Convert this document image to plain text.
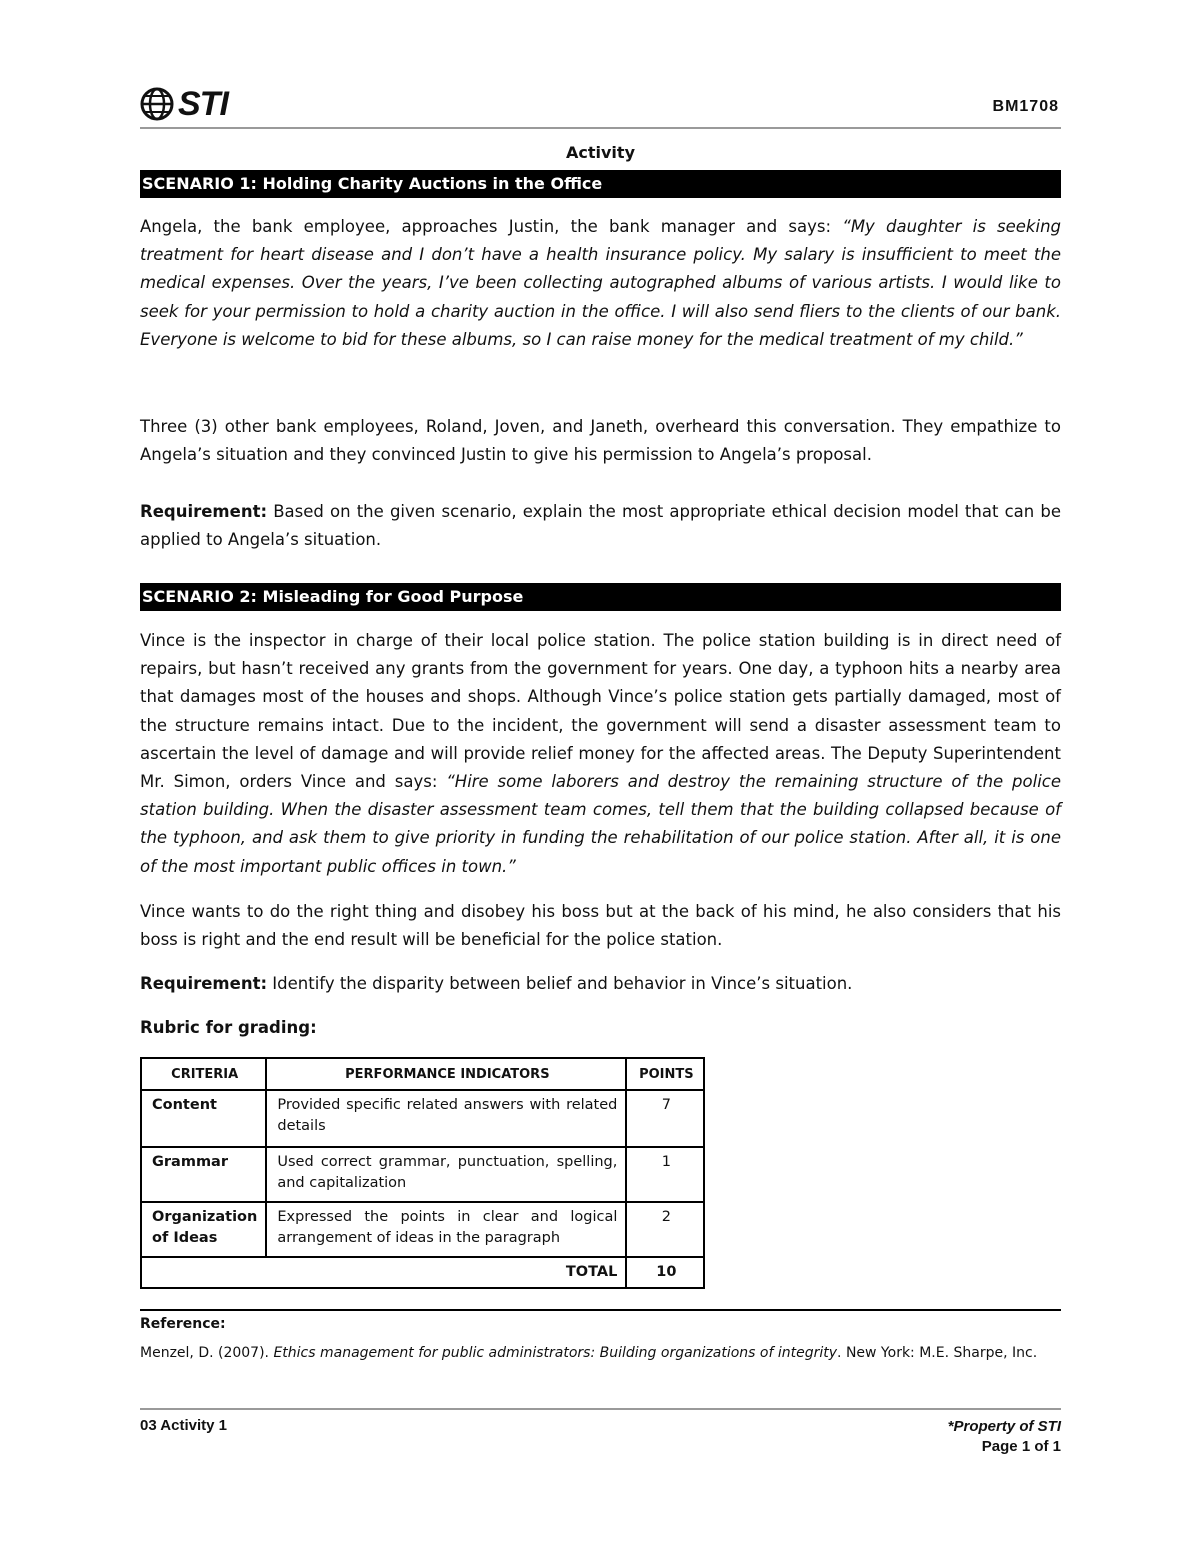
STI	BM1708
Activity
SCENARIO 1: Holding Charity Auctions in the Office

Angela, the bank employee, approaches Justin, the bank manager and says: “My daughter is seeking treatment for heart disease and I don’t have a health insurance policy. My salary is insufficient to meet the medical expenses. Over the years, I’ve been collecting autographed albums of various artists. I would like to seek for your permission to hold a charity auction in the office. I will also send fliers to the clients of our bank. Everyone is welcome to bid for these albums, so I can raise money for the medical treatment of my child.”

Three (3) other bank employees, Roland, Joven, and Janeth, overheard this conversation. They empathize to Angela’s situation and they convinced Justin to give his permission to Angela’s proposal.

Requirement: Based on the given scenario, explain the most appropriate ethical decision model that can be applied to Angela’s situation.

SCENARIO 2: Misleading for Good Purpose

Vince is the inspector in charge of their local police station. The police station building is in direct need of repairs, but hasn’t received any grants from the government for years. One day, a typhoon hits a nearby area that damages most of the houses and shops. Although Vince’s police station gets partially damaged, most of the structure remains intact. Due to the incident, the government will send a disaster assessment team to ascertain the level of damage and will provide relief money for the affected areas. The Deputy Superintendent Mr. Simon, orders Vince and says: “Hire some laborers and destroy the remaining structure of the police station building. When the disaster assessment team comes, tell them that the building collapsed because of the typhoon, and ask them to give priority in funding the rehabilitation of our police station. After all, it is one of the most important public offices in town.”

Vince wants to do the right thing and disobey his boss but at the back of his mind, he also considers that his boss is right and the end result will be beneficial for the police station.

Requirement: Identify the disparity between belief and behavior in Vince’s situation.

Rubric for grading:

CRITERIA	PERFORMANCE INDICATORS	POINTS
Content	Provided specific related answers with related details	7
Grammar	Used correct grammar, punctuation, spelling, and capitalization	1
Organization of Ideas	Expressed the points in clear and logical arrangement of ideas in the paragraph	2
TOTAL		10
Reference:
Menzel, D. (2007). Ethics management for public administrators: Building organizations of integrity. New York: M.E. Sharpe, Inc.
03 Activity 1	*Property of STI
Page 1 of 1
